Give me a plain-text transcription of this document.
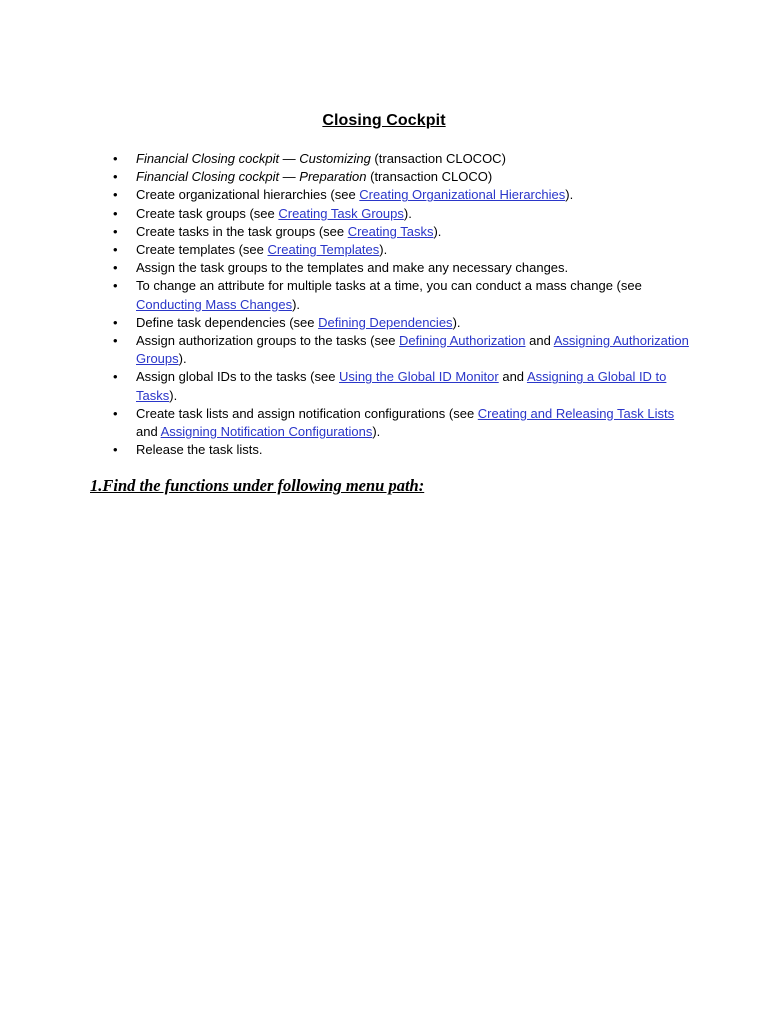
Closing Cockpit
• Financial Closing cockpit — Customizing (transaction CLOCOC)
• Financial Closing cockpit — Preparation (transaction CLOCO)
• Create organizational hierarchies (see Creating Organizational Hierarchies).
• Create task groups (see Creating Task Groups).
• Create tasks in the task groups (see Creating Tasks).
• Create templates (see Creating Templates).
• Assign the task groups to the templates and make any necessary changes.
• To change an attribute for multiple tasks at a time, you can conduct a mass change (see Conducting Mass Changes).
• Define task dependencies (see Defining Dependencies).
• Assign authorization groups to the tasks (see Defining Authorization and Assigning Authorization Groups).
• Assign global IDs to the tasks (see Using the Global ID Monitor and Assigning a Global ID to Tasks).
• Create task lists and assign notification configurations (see Creating and Releasing Task Lists and Assigning Notification Configurations).
• Release the task lists.
1.Find the functions under following menu path:
